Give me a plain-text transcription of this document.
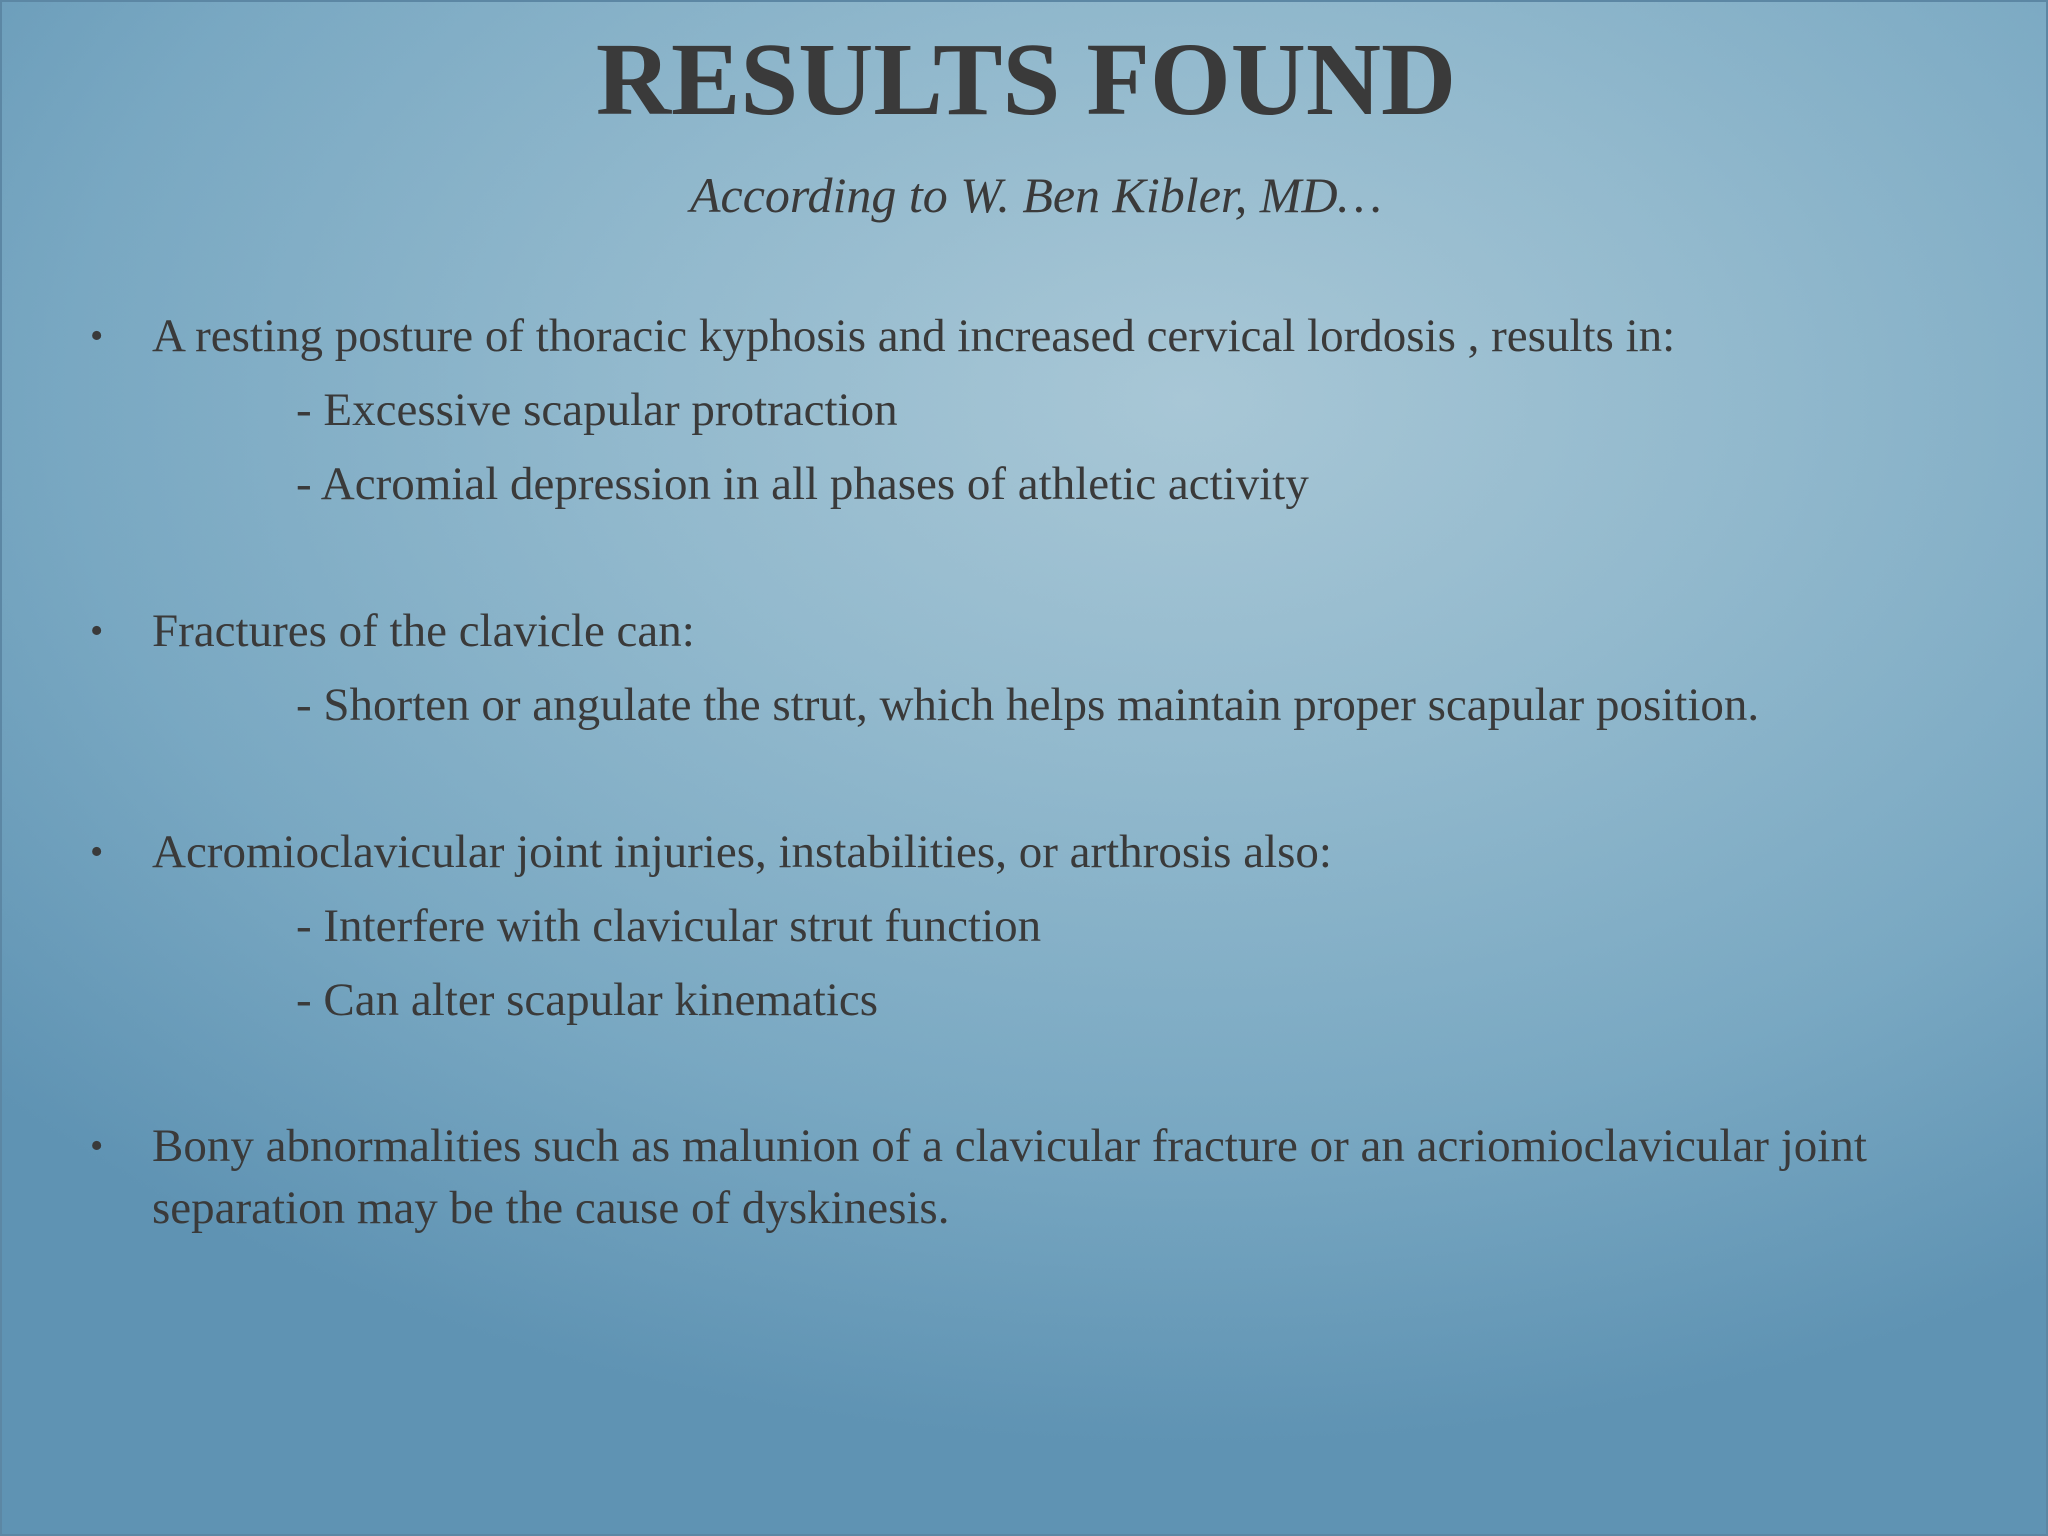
RESULTS FOUND
According to W. Ben Kibler, MD…
•	A resting posture of thoracic kyphosis and increased cervical lordosis , results in:
- Excessive scapular protraction
- Acromial depression in all phases of athletic activity
•	Fractures of the clavicle can:
- Shorten or angulate the strut, which helps maintain proper scapular position.
•	Acromioclavicular joint injuries, instabilities, or arthrosis also:
- Interfere with clavicular strut function
- Can alter scapular kinematics
•	Bony abnormalities such as malunion of a clavicular fracture or an acriomioclavicular joint separation may be the cause of dyskinesis.
